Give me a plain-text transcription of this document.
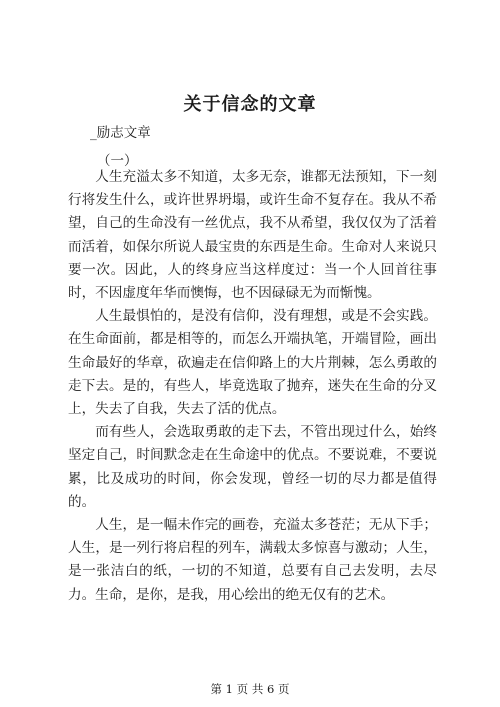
关于信念的文章
_励志文章
（一）

人生充溢太多不知道，太多无奈，谁都无法预知，下一刻行将发生什么，或许世界坍塌，或许生命不复存在。我从不希望，自己的生命没有一丝优点，我不从希望，我仅仅为了活着而活着，如保尔所说人最宝贵的东西是生命。生命对人来说只要一次。因此，人的终身应当这样度过：当一个人回首往事时，不因虚度年华而懊悔，也不因碌碌无为而惭愧。

人生最惧怕的，是没有信仰，没有理想，或是不会实践。在生命面前，都是相等的，而怎么开端执笔，开端冒险，画出生命最好的华章，砍遍走在信仰路上的大片荆棘，怎么勇敢的走下去。是的，有些人，毕竟选取了抛弃，迷失在生命的分叉上，失去了自我，失去了活的优点。

而有些人，会选取勇敢的走下去，不管出现过什么，始终坚定自己，时间默念走在生命途中的优点。不要说难，不要说累，比及成功的时间，你会发现，曾经一切的尽力都是值得的。

人生，是一幅未作完的画卷，充溢太多苍茫；无从下手；人生，是一列行将启程的列车，满载太多惊喜与激动；人生，是一张洁白的纸，一切的不知道，总要有自己去发明，去尽力。生命，是你，是我，用心绘出的绝无仅有的艺术。

第 1 页 共 6 页
